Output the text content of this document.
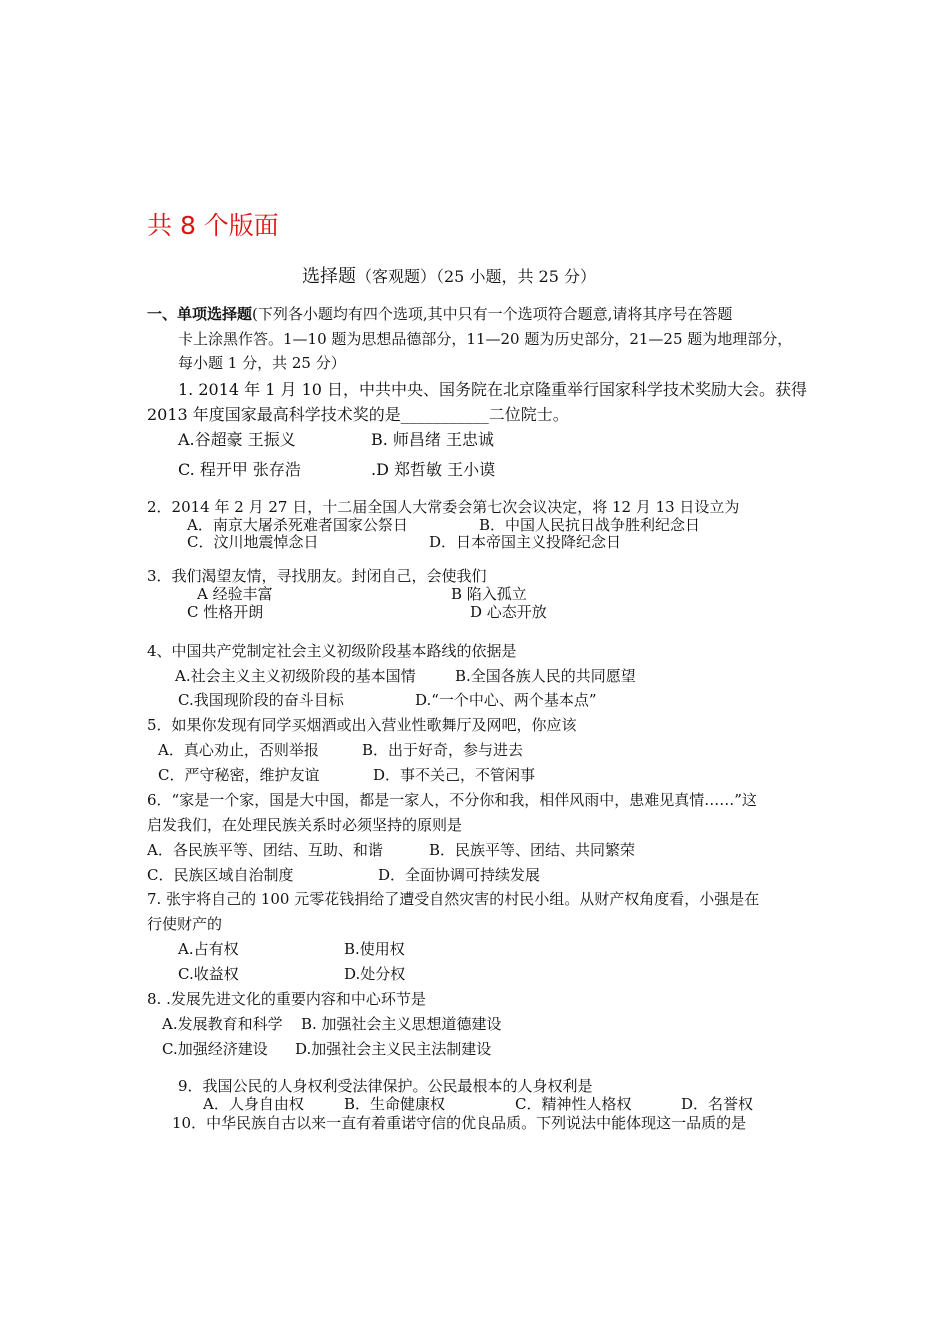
共 8 个版面
选择题（客观题）（25 小题，共 25 分）
一、单项选择题(下列各小题均有四个选项,其中只有一个选项符合题意,请将其序号在答题
卡上涂黑作答。1—10 题为思想品德部分，11—20 题为历史部分，21—25 题为地理部分，
每小题 1 分，共 25 分）
1. 2014 年 1 月 10 日，中共中央、国务院在北京隆重举行国家科学技术奖励大会。获得
2013 年度国家最高科学技术奖的是___________二位院士。
A.谷超豪 王振义	B. 师昌绪 王忠诚
C. 程开甲 张存浩	.D 郑哲敏 王小谟
2．2014 年 2 月 27 日，十二届全国人大常委会第七次会议决定，将 12 月 13 日设立为
A．南京大屠杀死难者国家公祭日	B．中国人民抗日战争胜利纪念日
C．汶川地震悼念日	D．日本帝国主义投降纪念日
3．我们渴望友情，寻找朋友。封闭自己，会使我们
A 经验丰富	B 陷入孤立
C 性格开朗	D 心态开放
4、中国共产党制定社会主义初级阶段基本路线的依据是
A.社会主义主义初级阶段的基本国情	B.全国各族人民的共同愿望
C.我国现阶段的奋斗目标	D.“一个中心、两个基本点”
5．如果你发现有同学买烟酒或出入营业性歌舞厅及网吧，你应该
A．真心劝止，否则举报	B．出于好奇，参与进去
C．严守秘密，维护友谊	D．事不关己，不管闲事
6．“家是一个家，国是大中国，都是一家人，不分你和我，相伴风雨中，患难见真情……”这
启发我们，在处理民族关系时必须坚持的原则是
A．各民族平等、团结、互助、和谐	B．民族平等、团结、共同繁荣
C．民族区域自治制度	D．全面协调可持续发展
7. 张宇将自己的 100 元零花钱捐给了遭受自然灾害的村民小组。从财产权角度看，小强是在
行使财产的
A.占有权	B.使用权
C.收益权	D.处分权
8. .发展先进文化的重要内容和中心环节是
A.发展教育和科学 B. 加强社会主义思想道德建设
C.加强经济建设 D.加强社会主义民主法制建设
9．我国公民的人身权利受法律保护。公民最根本的人身权利是
A．人身自由权	B．生命健康权	C．精神性人格权	D．名誉权
10．中华民族自古以来一直有着重诺守信的优良品质。下列说法中能体现这一品质的是
